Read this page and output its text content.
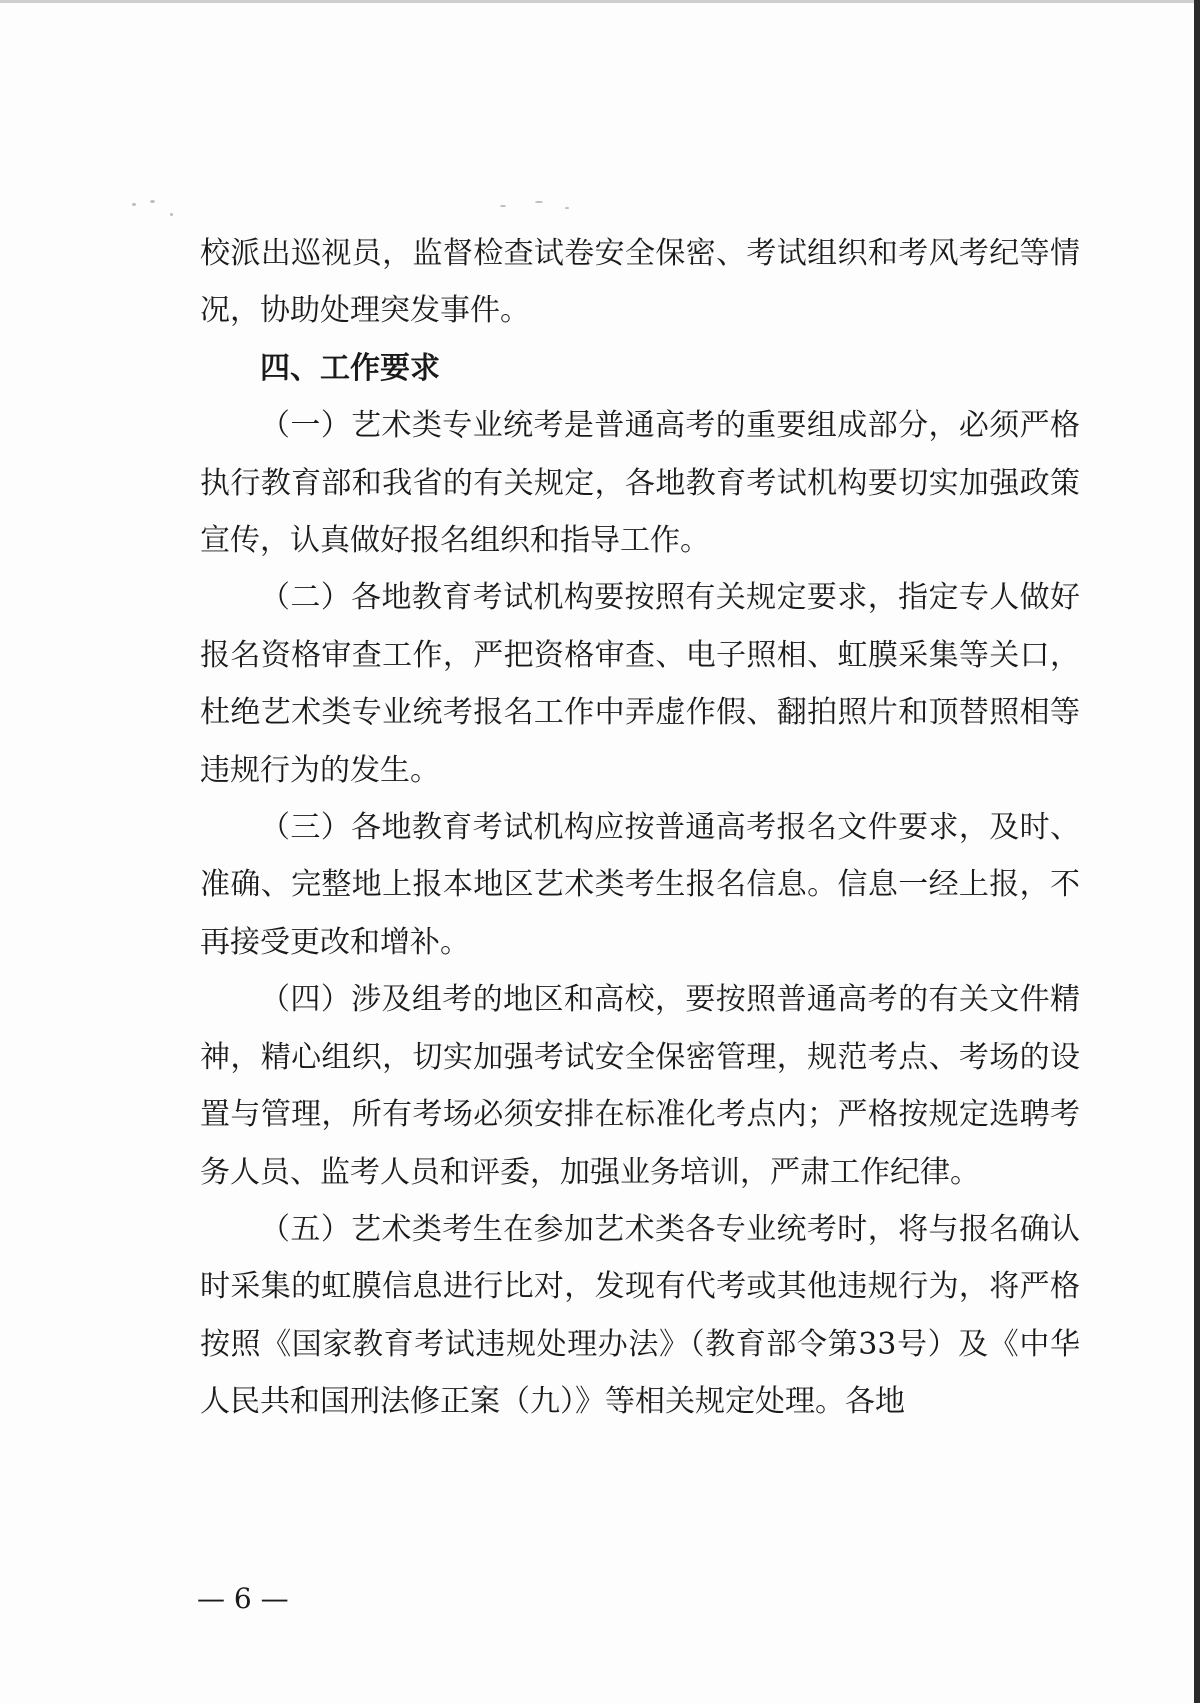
校派出巡视员，监督检查试卷安全保密、考试组织和考风考纪等情况，协助处理突发事件。

四、工作要求

（一）艺术类专业统考是普通高考的重要组成部分，必须严格执行教育部和我省的有关规定，各地教育考试机构要切实加强政策宣传，认真做好报名组织和指导工作。

（二）各地教育考试机构要按照有关规定要求，指定专人做好报名资格审查工作，严把资格审查、电子照相、虹膜采集等关口，杜绝艺术类专业统考报名工作中弄虚作假、翻拍照片和顶替照相等违规行为的发生。

（三）各地教育考试机构应按普通高考报名文件要求，及时、准确、完整地上报本地区艺术类考生报名信息。信息一经上报，不再接受更改和增补。

（四）涉及组考的地区和高校，要按照普通高考的有关文件精神，精心组织，切实加强考试安全保密管理，规范考点、考场的设置与管理，所有考场必须安排在标准化考点内；严格按规定选聘考务人员、监考人员和评委，加强业务培训，严肃工作纪律。

（五）艺术类考生在参加艺术类各专业统考时，将与报名确认时采集的虹膜信息进行比对，发现有代考或其他违规行为，将严格按照《国家教育考试违规处理办法》（教育部令第33号）及《中华人民共和国刑法修正案（九）》等相关规定处理。各地

— 6 —
